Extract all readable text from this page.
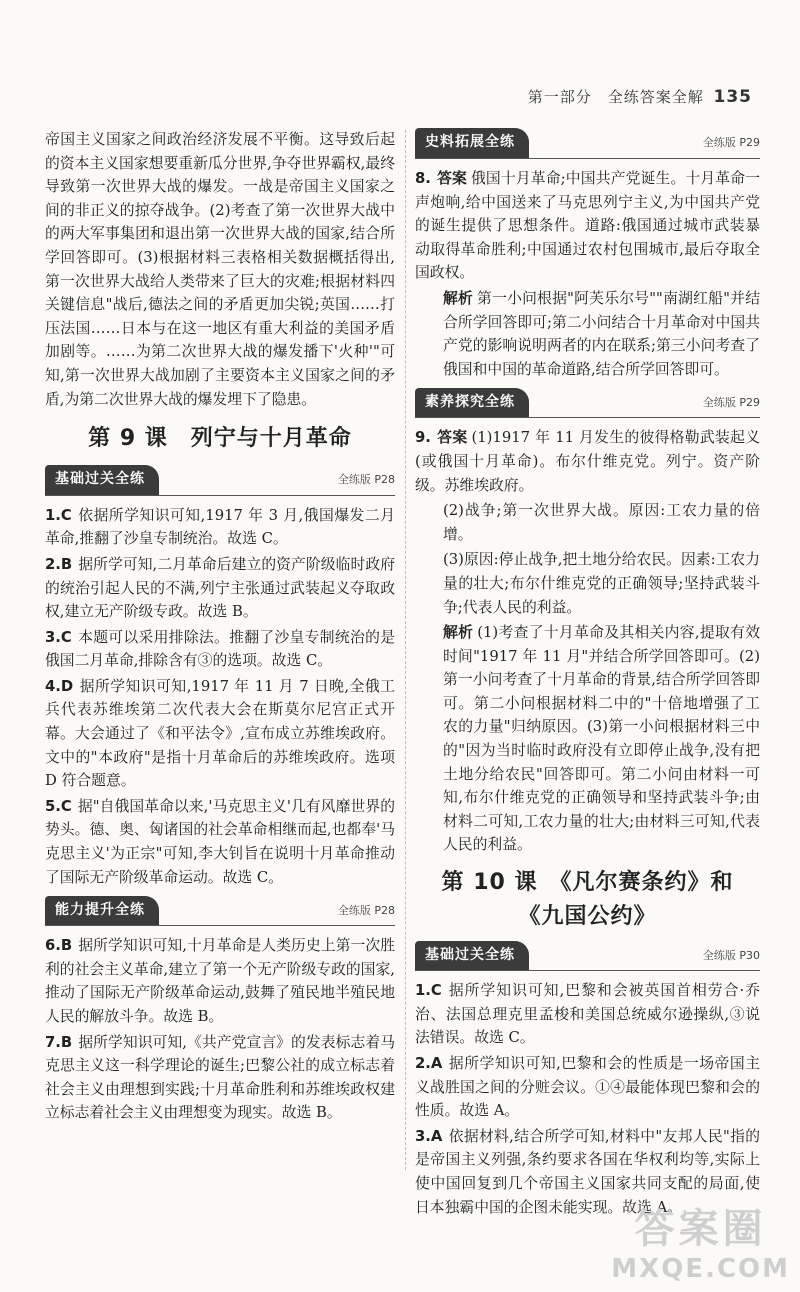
第一部分　全练答案全解 135

帝国主义国家之间政治经济发展不平衡。这导致后起的资本主义国家想要重新瓜分世界,争夺世界霸权,最终导致第一次世界大战的爆发。一战是帝国主义国家之间的非正义的掠夺战争。(2)考查了第一次世界大战中的两大军事集团和退出第一次世界大战的国家,结合所学回答即可。(3)根据材料三表格相关数据概括得出,第一次世界大战给人类带来了巨大的灾难;根据材料四关键信息"战后,德法之间的矛盾更加尖锐;英国……打压法国……日本与在这一地区有重大利益的美国矛盾加剧等。……为第二次世界大战的爆发播下'火种'"可知,第一次世界大战加剧了主要资本主义国家之间的矛盾,为第二次世界大战的爆发埋下了隐患。

第 9 课　列宁与十月革命
基础过关全练	全练版 P28
1.C 依据所学知识可知,1917 年 3 月,俄国爆发二月革命,推翻了沙皇专制统治。故选 C。
2.B 据所学可知,二月革命后建立的资产阶级临时政府的统治引起人民的不满,列宁主张通过武装起义夺取政权,建立无产阶级专政。故选 B。
3.C 本题可以采用排除法。推翻了沙皇专制统治的是俄国二月革命,排除含有③的选项。故选 C。
4.D 据所学知识可知,1917 年 11 月 7 日晚,全俄工兵代表苏维埃第二次代表大会在斯莫尔尼宫正式开幕。大会通过了《和平法令》,宣布成立苏维埃政府。文中的"本政府"是指十月革命后的苏维埃政府。选项 D 符合题意。
5.C 据"自俄国革命以来,'马克思主义'几有风靡世界的势头。德、奥、匈诸国的社会革命相继而起,也都奉'马克思主义'为正宗"可知,李大钊旨在说明十月革命推动了国际无产阶级革命运动。故选 C。
能力提升全练	全练版 P28
6.B 据所学知识可知,十月革命是人类历史上第一次胜利的社会主义革命,建立了第一个无产阶级专政的国家,推动了国际无产阶级革命运动,鼓舞了殖民地半殖民地人民的解放斗争。故选 B。
7.B 据所学知识可知,《共产党宣言》的发表标志着马克思主义这一科学理论的诞生;巴黎公社的成立标志着社会主义由理想到实践;十月革命胜利和苏维埃政权建立标志着社会主义由理想变为现实。故选 B。
史料拓展全练	全练版 P29
8. 答案 俄国十月革命;中国共产党诞生。十月革命一声炮响,给中国送来了马克思列宁主义,为中国共产党的诞生提供了思想条件。道路:俄国通过城市武装暴动取得革命胜利;中国通过农村包围城市,最后夺取全国政权。
解析 第一小问根据"阿芙乐尔号""南湖红船"并结合所学回答即可;第二小问结合十月革命对中国共产党的影响说明两者的内在联系;第三小问考查了俄国和中国的革命道路,结合所学回答即可。
素养探究全练	全练版 P29
9. 答案 (1)1917 年 11 月发生的彼得格勒武装起义(或俄国十月革命)。布尔什维克党。列宁。资产阶级。苏维埃政府。
(2)战争;第一次世界大战。原因:工农力量的倍增。
(3)原因:停止战争,把土地分给农民。因素:工农力量的壮大;布尔什维克党的正确领导;坚持武装斗争;代表人民的利益。
解析 (1)考查了十月革命及其相关内容,提取有效时间"1917 年 11 月"并结合所学回答即可。(2)第一小问考查了十月革命的背景,结合所学回答即可。第二小问根据材料二中的"十倍地增强了工农的力量"归纳原因。(3)第一小问根据材料三中的"因为当时临时政府没有立即停止战争,没有把土地分给农民"回答即可。第二小问由材料一可知,布尔什维克党的正确领导和坚持武装斗争;由材料二可知,工农力量的壮大;由材料三可知,代表人民的利益。
第 10 课　《凡尔赛条约》和
《九国公约》
基础过关全练	全练版 P30
1.C 据所学知识可知,巴黎和会被英国首相劳合·乔治、法国总理克里孟梭和美国总统威尔逊操纵,③说法错误。故选 C。
2.A 据所学知识可知,巴黎和会的性质是一场帝国主义战胜国之间的分赃会议。①④最能体现巴黎和会的性质。故选 A。
3.A 依据材料,结合所学可知,材料中"友邦人民"指的是帝国主义列强,条约要求各国在华权利均等,实际上使中国回复到几个帝国主义国家共同支配的局面,使日本独霸中国的企图未能实现。故选 A。
答案圈
MXQE.COM
